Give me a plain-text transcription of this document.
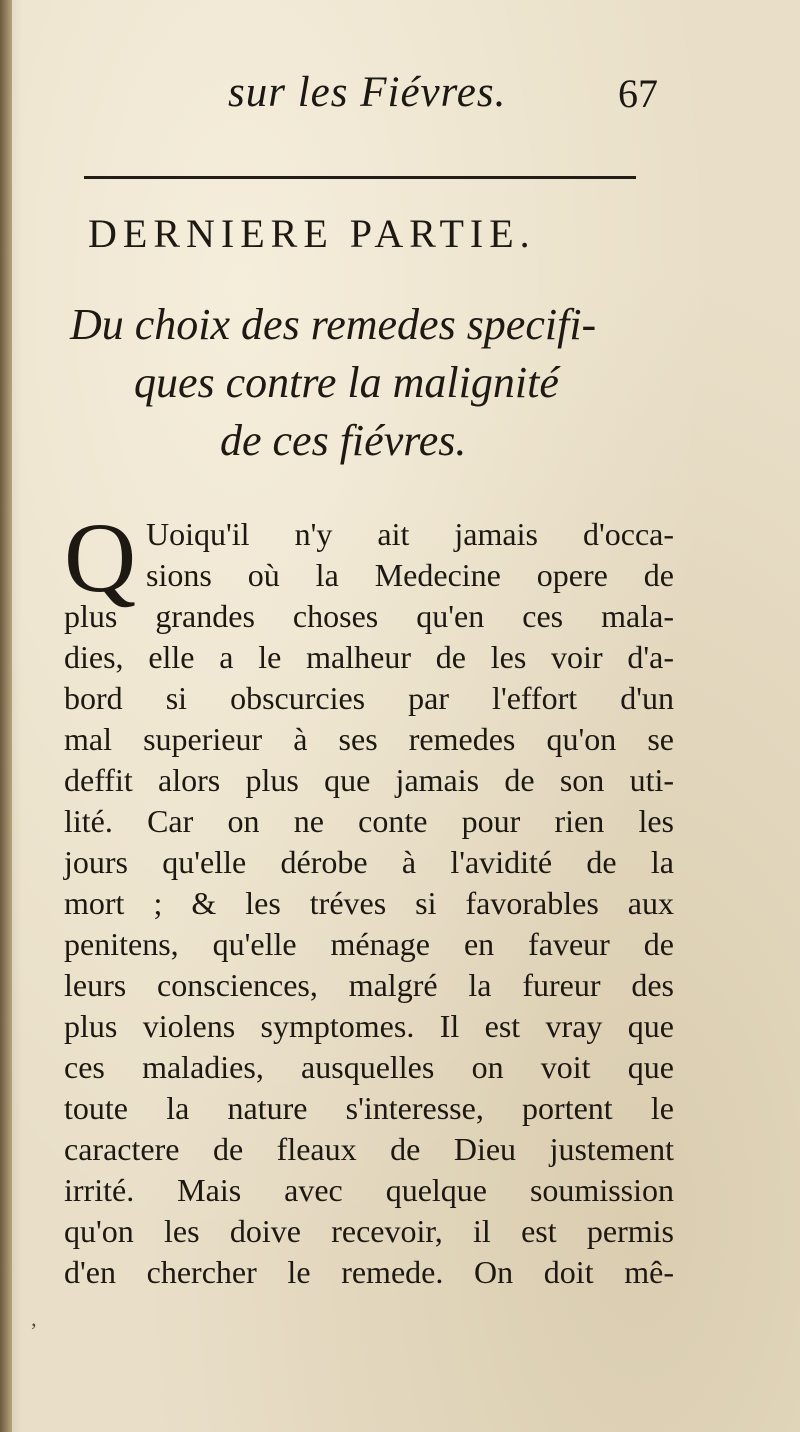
sur les Fiévres.	67
DERNIERE PARTIE.
Du choix des remedes specifi-
ques contre la malignité
de ces fiévres.
Q Uoiqu'il n'y ait jamais d'occa-
sions où la Medecine opere de
plus grandes choses qu'en ces mala-
dies, elle a le malheur de les voir d'a-
bord si obscurcies par l'effort d'un
mal superieur à ses remedes qu'on se
deffit alors plus que jamais de son uti-
lité. Car on ne conte pour rien les
jours qu'elle dérobe à l'avidité de la
mort ; & les tréves si favorables aux
penitens, qu'elle ménage en faveur de
leurs consciences, malgré la fureur des
plus violens symptomes. Il est vray que
ces maladies, ausquelles on voit que
toute la nature s'interesse, portent le
caractere de fleaux de Dieu justement
irrité. Mais avec quelque soumission
qu'on les doive recevoir, il est permis
d'en chercher le remede. On doit mê-
’
